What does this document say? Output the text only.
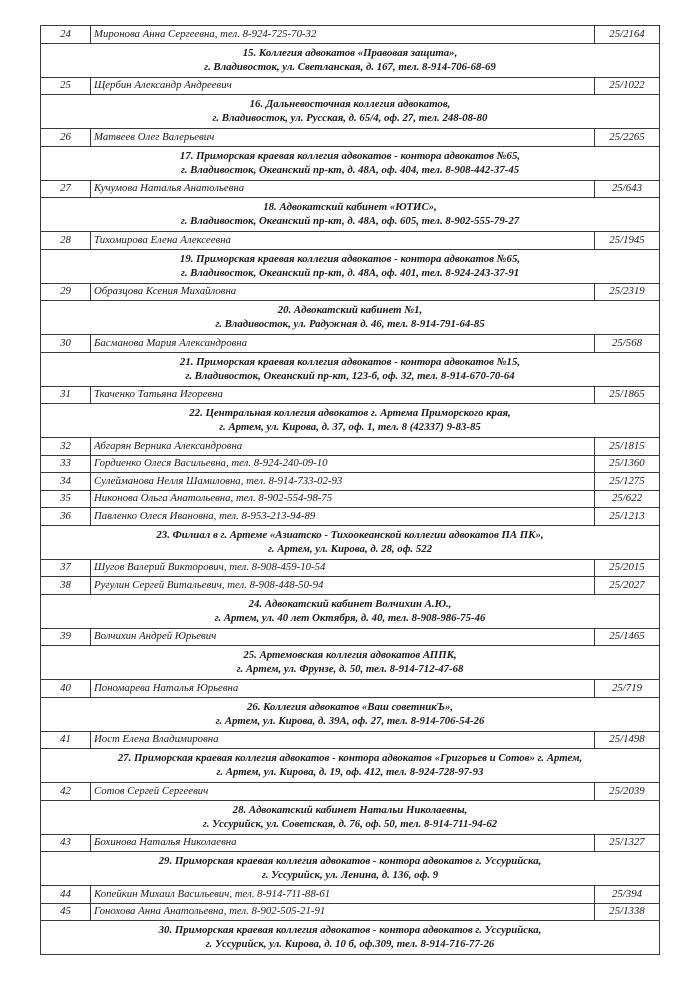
24	Миронова Анна Сергеевна, тел. 8-924-725-70-32	25/2164

15. Коллегия адвокатов «Правовая защита»,
г. Владивосток, ул. Светланская, д. 167, тел. 8-914-706-68-69		

25	Щербин Александр Андреевич	25/1022

16. Дальневосточная коллегия адвокатов,
г. Владивосток, ул. Русская, д. 65/4, оф. 27, тел. 248-08-80		

26	Матвеев Олег Валерьевич	25/2265

17. Приморская краевая коллегия адвокатов - контора адвокатов №65,
г. Владивосток, Океанский пр-кт, д. 48А, оф. 404, тел. 8-908-442-37-45		

27	Кучумова Наталья Анатольевна	25/643

18. Адвокатский кабинет «ЮТИС»,
г. Владивосток, Океанский пр-кт, д. 48А, оф. 605, тел. 8-902-555-79-27		

28	Тихомирова Елена Алексеевна	25/1945

19. Приморская краевая коллегия адвокатов - контора адвокатов №65,
г. Владивосток, Океанский пр-кт, д. 48А, оф. 401, тел. 8-924-243-37-91		

29	Образцова Ксения Михайловна	25/2319

20. Адвокатский кабинет №1,
г. Владивосток, ул. Радужная д. 46, тел. 8-914-791-64-85		

30	Басманова Мария Александровна	25/568

21. Приморская краевая коллегия адвокатов - контора адвокатов №15,
г. Владивосток, Океанский пр-кт, 123-б, оф. 32, тел. 8-914-670-70-64		

31	Ткаченко Татьяна Игоревна	25/1865

22. Центральная коллегия адвокатов г. Артема Приморского края,
г. Артем, ул. Кирова, д. 37, оф. 1, тел. 8 (42337) 9-83-85		

32	Абгарян Верника Александровна	25/1815
33	Гордиенко Олеся Васильевна, тел. 8-924-240-09-10	25/1360
34	Сулейманова Нелля Шамиловна, тел. 8-914-733-02-93	25/1275
35	Никонова Ольга Анатольевна, тел. 8-902-554-98-75	25/622
36	Павленко Олеся Ивановна, тел. 8-953-213-94-89	25/1213

23. Филиал в г. Артеме «Азиатско - Тихоокеанской коллегии адвокатов ПА ПК»,
г. Артем, ул. Кирова, д. 28, оф. 522		

37	Шугов Валерий Викторович, тел. 8-908-459-10-54	25/2015
38	Ругулин Сергей Витальевич, тел. 8-908-448-50-94	25/2027

24. Адвокатский кабинет Волчихин А.Ю.,
г. Артем, ул. 40 лет Октября, д. 40, тел. 8-908-986-75-46		

39	Волчихин Андрей Юрьевич	25/1465

25. Артемовская коллегия адвокатов АППК,
г. Артем, ул. Фрунзе, д. 50, тел. 8-914-712-47-68		

40	Пономарева Наталья Юрьевна	25/719

26. Коллегия адвокатов «Ваш советникЪ»,
г. Артем, ул. Кирова, д. 39А, оф. 27, тел. 8-914-706-54-26		

41	Иост Елена Владимировна	25/1498

27. Приморская краевая коллегия адвокатов - контора адвокатов «Григорьев и Сотов» г. Артем,
г. Артем, ул. Кирова, д. 19, оф. 412, тел. 8-924-728-97-93		

42	Сотов Сергей Сергеевич	25/2039

28. Адвокатский кабинет Натальи Николаевны,
г. Уссурийск, ул. Советская, д. 76, оф. 50, тел. 8-914-711-94-62		

43	Бохинова Наталья Николаевна	25/1327

29. Приморская краевая коллегия адвокатов - контора адвокатов г. Уссурийска,
г. Уссурийск, ул. Ленина, д. 136, оф. 9		

44	Копейкин Михаил Васильевич, тел. 8-914-711-88-61	25/394
45	Гонохова Анна Анатольевна, тел. 8-902-505-21-91	25/1338

30. Приморская краевая коллегия адвокатов - контора адвокатов г. Уссурийска,
г. Уссурийск, ул. Кирова, д. 10 б, оф.309, тел. 8-914-716-77-26		
